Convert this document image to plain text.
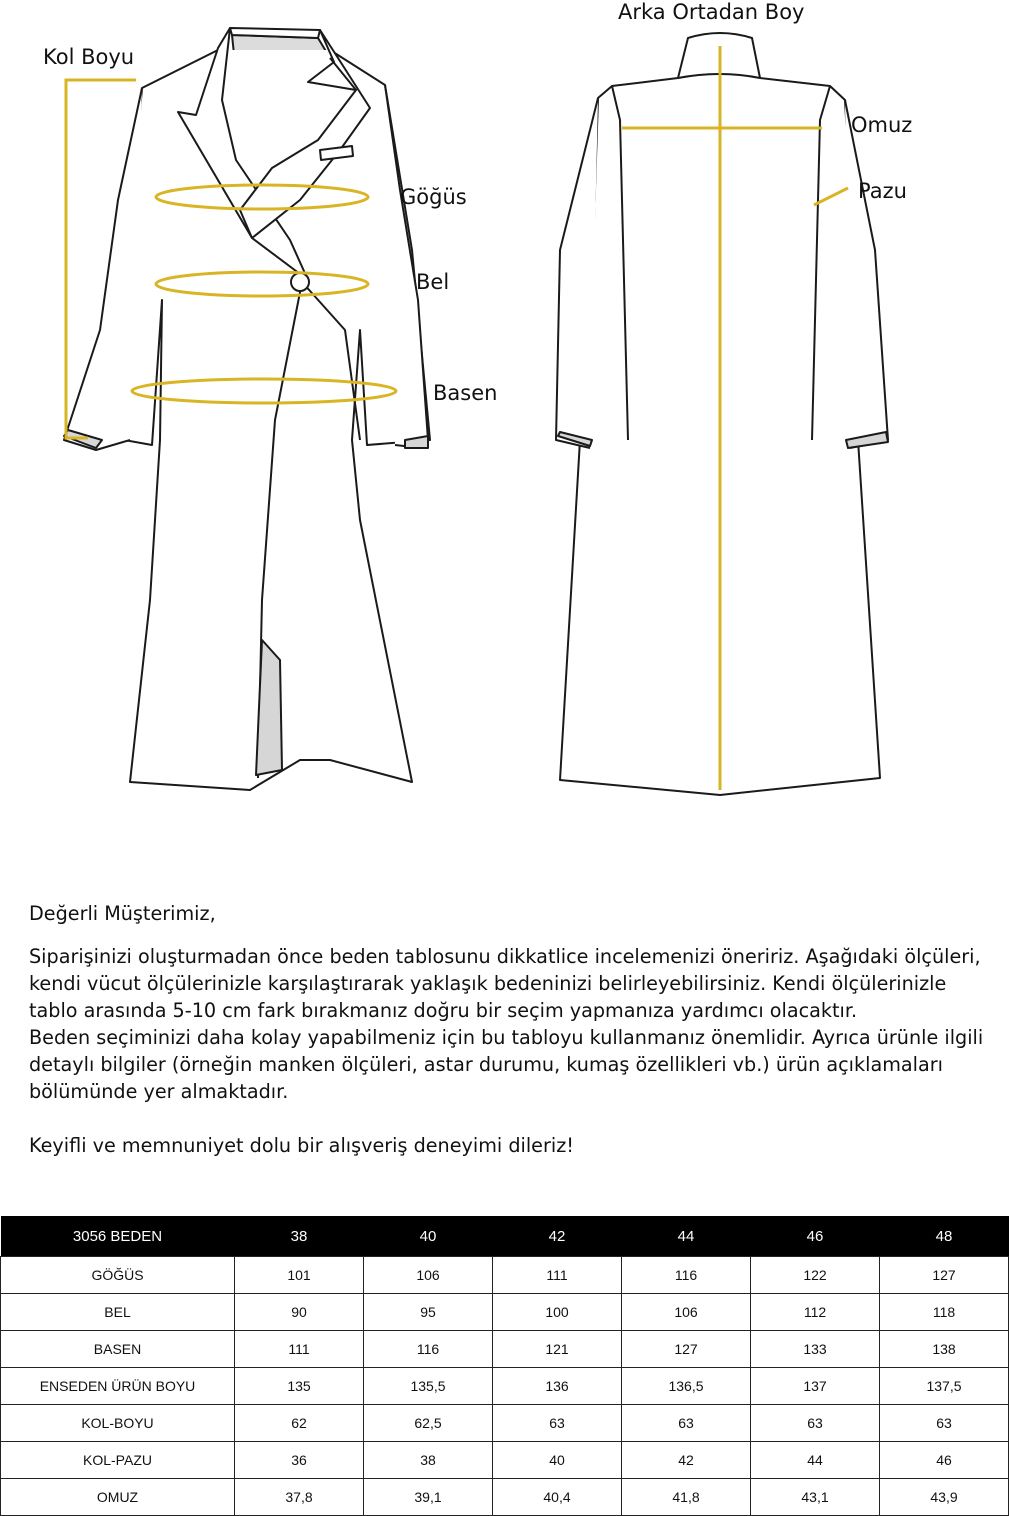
Kol Boyu
Göğüs
Bel
Basen
Arka Ortadan Boy
Omuz
Pazu

Değerli Müşterimiz,

Siparişinizi oluşturmadan önce beden tablosunu dikkatlice incelemenizi öneririz. Aşağıdaki ölçüleri, kendi vücut ölçülerinizle karşılaştırarak yaklaşık bedeninizi belirleyebilirsiniz. Kendi ölçülerinizle tablo arasında 5-10 cm fark bırakmanız doğru bir seçim yapmanıza yardımcı olacaktır.

Beden seçiminizi daha kolay yapabilmeniz için bu tabloyu kullanmanız önemlidir. Ayrıca ürünle ilgili detaylı bilgiler (örneğin manken ölçüleri, astar durumu, kumaş özellikleri vb.) ürün açıklamaları bölümünde yer almaktadır.

Keyifli ve memnuniyet dolu bir alışveriş deneyimi dileriz!

3056 BEDEN	38	40	42	44	46	48
GÖĞÜS	101	106	111	116	122	127
BEL	90	95	100	106	112	118
BASEN	111	116	121	127	133	138
ENSEDEN ÜRÜN BOYU	135	135,5	136	136,5	137	137,5
KOL-BOYU	62	62,5	63	63	63	63
KOL-PAZU	36	38	40	42	44	46
OMUZ	37,8	39,1	40,4	41,8	43,1	43,9
